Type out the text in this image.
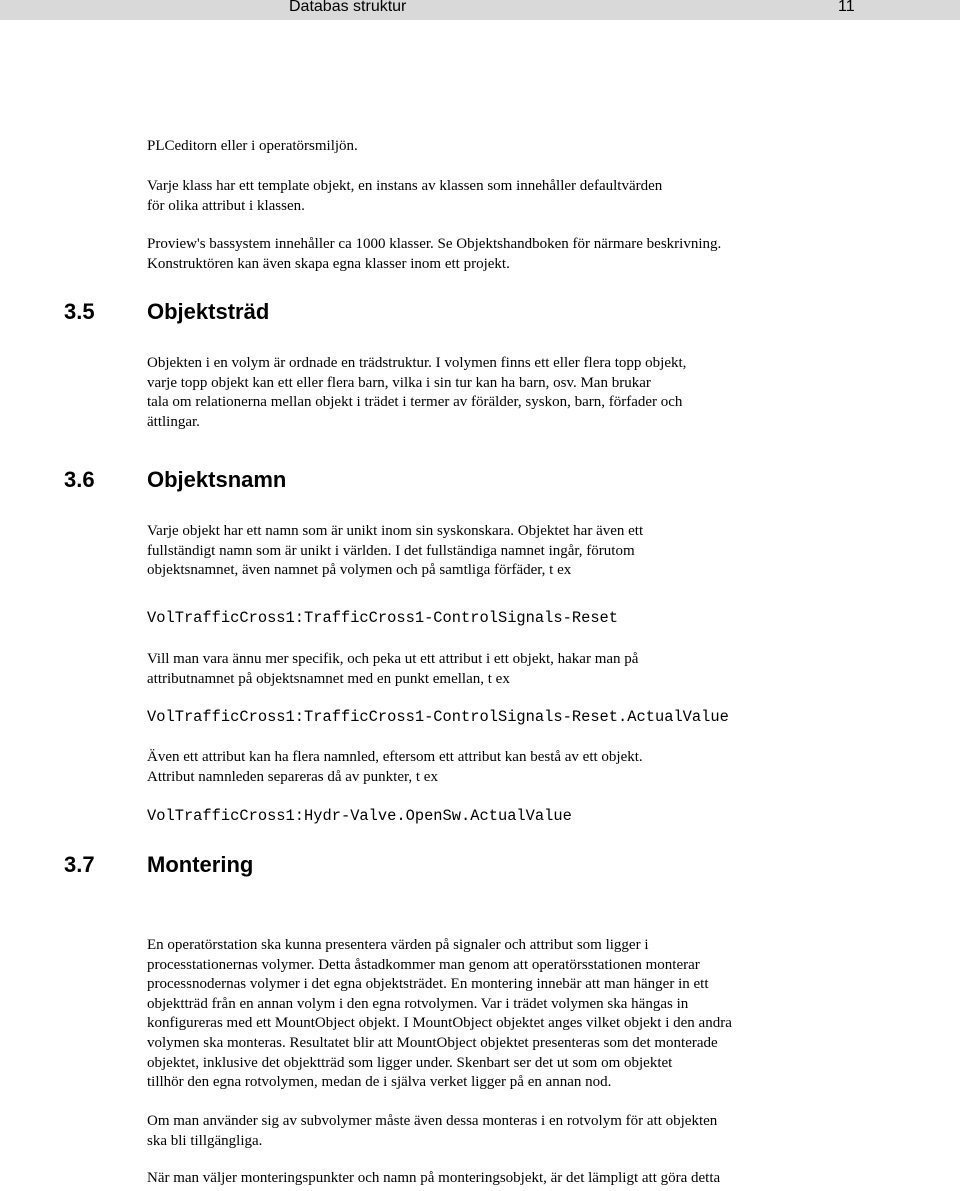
Databas struktur	11
PLCeditorn eller i operatörsmiljön.
Varje klass har ett template objekt, en instans av klassen som innehåller defaultvärden
för olika attribut i klassen.
Proview's bassystem innehåller ca 1000 klasser. Se Objektshandboken för närmare beskrivning.
Konstruktören kan även skapa egna klasser inom ett projekt.
3.5 Objektsträd
Objekten i en volym är ordnade en trädstruktur. I volymen finns ett eller flera topp objekt,
varje topp objekt kan ett eller flera barn, vilka i sin tur kan ha barn, osv. Man brukar
tala om relationerna mellan objekt i trädet i termer av förälder, syskon, barn, förfader och
ättlingar.
3.6 Objektsnamn
Varje objekt har ett namn som är unikt inom sin syskonskara. Objektet har även ett
fullständigt namn som är unikt i världen. I det fullständiga namnet ingår, förutom
objektsnamnet, även namnet på volymen och på samtliga förfäder, t ex
VolTrafficCross1:TrafficCross1-ControlSignals-Reset
Vill man vara ännu mer specifik, och peka ut ett attribut i ett objekt, hakar man på
attributnamnet på objektsnamnet med en punkt emellan, t ex
VolTrafficCross1:TrafficCross1-ControlSignals-Reset.ActualValue
Även ett attribut kan ha flera namnled, eftersom ett attribut kan bestå av ett objekt.
Attribut namnleden separeras då av punkter, t ex
VolTrafficCross1:Hydr-Valve.OpenSw.ActualValue
3.7 Montering
En operatörstation ska kunna presentera värden på signaler och attribut som ligger i
processtationernas volymer. Detta åstadkommer man genom att operatörsstationen monterar
processnodernas volymer i det egna objektsträdet. En montering innebär att man hänger in ett
objektträd från en annan volym i den egna rotvolymen. Var i trädet volymen ska hängas in
konfigureras med ett MountObject objekt. I MountObject objektet anges vilket objekt i den andra
volymen ska monteras. Resultatet blir att MountObject objektet presenteras som det monterade
objektet, inklusive det objektträd som ligger under. Skenbart ser det ut som om objektet
tillhör den egna rotvolymen, medan de i själva verket ligger på en annan nod.
Om man använder sig av subvolymer måste även dessa monteras i en rotvolym för att objekten
ska bli tillgängliga.
När man väljer monteringspunkter och namn på monteringsobjekt, är det lämpligt att göra detta
